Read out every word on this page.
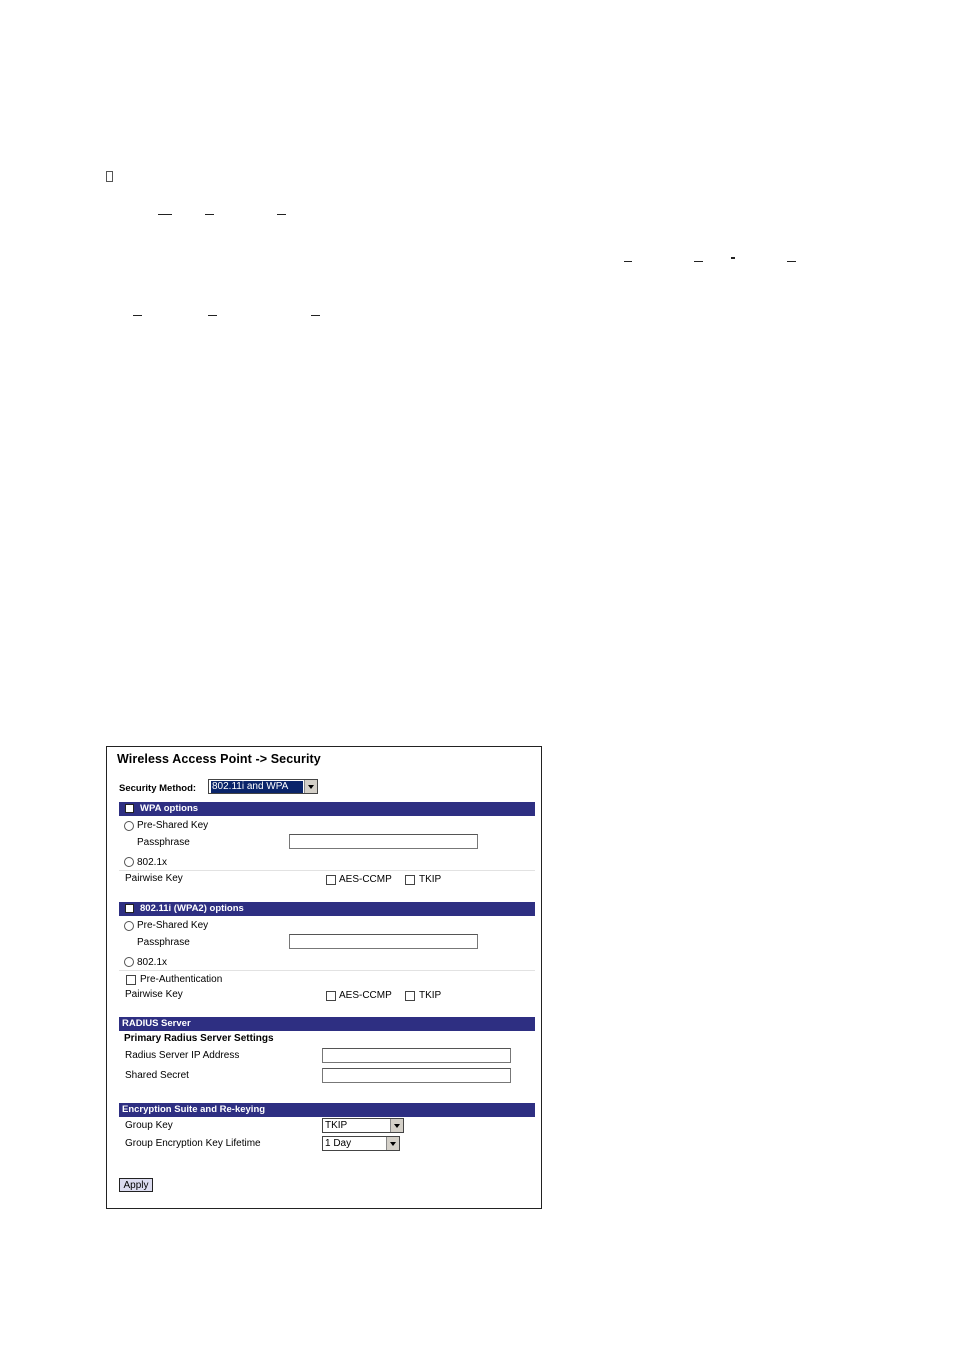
Wireless Access Point -> Security
Security Method: 802.11i and WPA
WPA options
Pre-Shared Key
Passphrase
802.1x
Pairwise Key	AES-CCMP	TKIP
802.11i (WPA2) options
Pre-Shared Key
Passphrase
802.1x
Pre-Authentication
Pairwise Key	AES-CCMP	TKIP
RADIUS Server
Primary Radius Server Settings
Radius Server IP Address
Shared Secret
Encryption Suite and Re-keying
Group Key	TKIP
Group Encryption Key Lifetime	1 Day
Apply
